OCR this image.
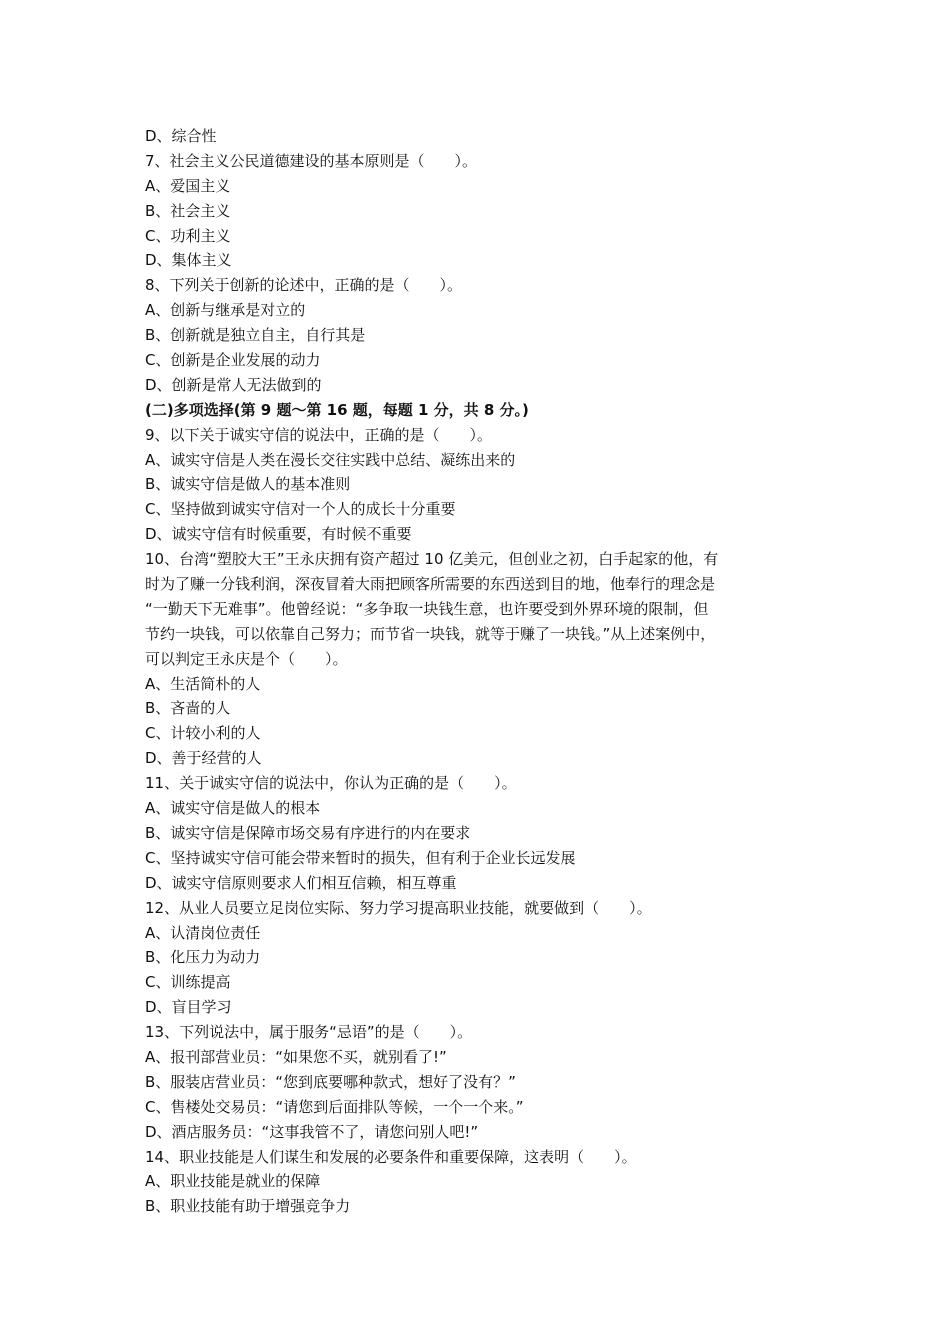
D、综合性
7、社会主义公民道德建设的基本原则是（　　）。
A、爱国主义
B、社会主义
C、功利主义
D、集体主义
8、下列关于创新的论述中，正确的是（　　）。
A、创新与继承是对立的
B、创新就是独立自主，自行其是
C、创新是企业发展的动力
D、创新是常人无法做到的
(二)多项选择(第 9 题～第 16 题，每题 1 分，共 8 分。)
9、以下关于诚实守信的说法中，正确的是（　　）。
A、诚实守信是人类在漫长交往实践中总结、凝练出来的
B、诚实守信是做人的基本准则
C、坚持做到诚实守信对一个人的成长十分重要
D、诚实守信有时候重要，有时候不重要
10、台湾“塑胶大王”王永庆拥有资产超过 10 亿美元，但创业之初，白手起家的他，有
时为了赚一分钱利润，深夜冒着大雨把顾客所需要的东西送到目的地，他奉行的理念是
“一勤天下无难事”。他曾经说：“多争取一块钱生意，也许要受到外界环境的限制，但
节约一块钱，可以依靠自己努力；而节省一块钱，就等于赚了一块钱。”从上述案例中，
可以判定王永庆是个（　　）。
A、生活简朴的人
B、吝啬的人
C、计较小利的人
D、善于经营的人
11、关于诚实守信的说法中，你认为正确的是（　　）。
A、诚实守信是做人的根本
B、诚实守信是保障市场交易有序进行的内在要求
C、坚持诚实守信可能会带来暂时的损失，但有利于企业长远发展
D、诚实守信原则要求人们相互信赖，相互尊重
12、从业人员要立足岗位实际、努力学习提高职业技能，就要做到（　　）。
A、认清岗位责任
B、化压力为动力
C、训练提高
D、盲目学习
13、下列说法中，属于服务“忌语”的是（　　）。
A、报刊部营业员：“如果您不买，就别看了!”
B、服装店营业员：“您到底要哪种款式，想好了没有？”
C、售楼处交易员：“请您到后面排队等候，一个一个来。”
D、酒店服务员：“这事我管不了，请您问别人吧!”
14、职业技能是人们谋生和发展的必要条件和重要保障，这表明（　　）。
A、职业技能是就业的保障
B、职业技能有助于增强竞争力
